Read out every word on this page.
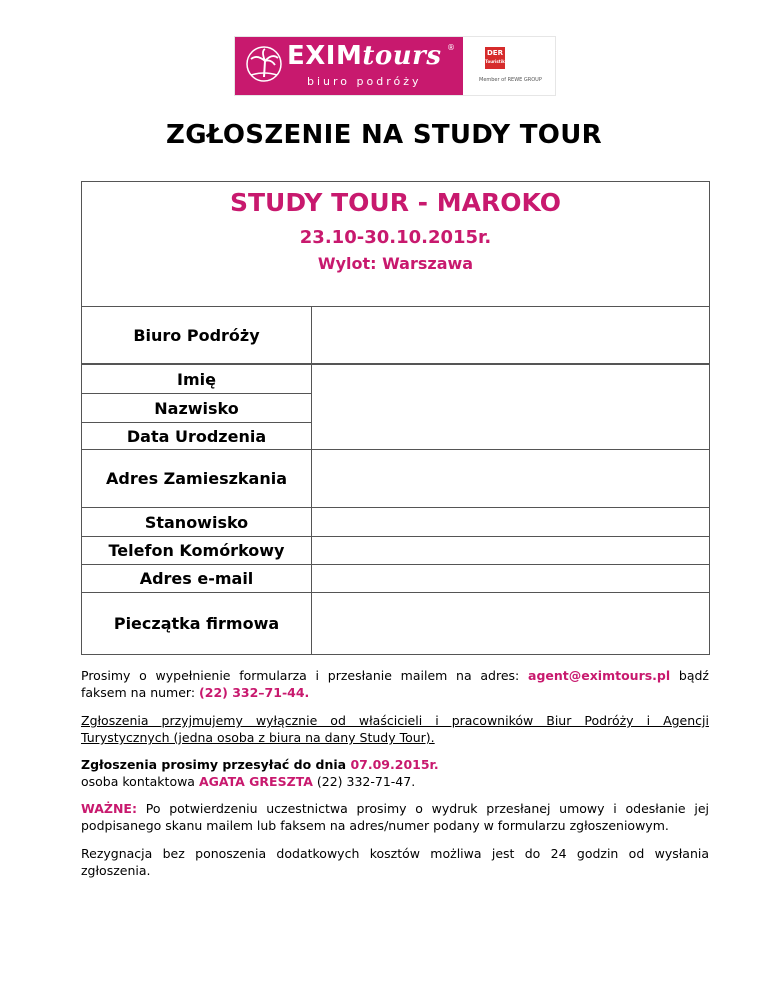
EXIMtours ®
biuro podróży
DER
Touristik
Member of REWE GROUP
ZGŁOSZENIE NA STUDY TOUR
STUDY TOUR - MAROKO
23.10-30.10.2015r.
Wylot: Warszawa
Biuro Podróży
Imię
Nazwisko
Data Urodzenia
Adres Zamieszkania
Stanowisko
Telefon Komórkowy
Adres e-mail
Pieczątka firmowa
Prosimy o wypełnienie formularza i przesłanie mailem na adres: agent@eximtours.pl bądź faksem na numer: (22) 332–71-44.
Zgłoszenia przyjmujemy wyłącznie od właścicieli i pracowników Biur Podróży i Agencji Turystycznych (jedna osoba z biura na dany Study Tour).
Zgłoszenia prosimy przesyłać do dnia 07.09.2015r.
osoba kontaktowa AGATA GRESZTA (22) 332-71-47.
WAŻNE: Po potwierdzeniu uczestnictwa prosimy o wydruk przesłanej umowy i odesłanie jej podpisanego skanu mailem lub faksem na adres/numer podany w formularzu zgłoszeniowym.
Rezygnacja bez ponoszenia dodatkowych kosztów możliwa jest do 24 godzin od wysłania zgłoszenia.
